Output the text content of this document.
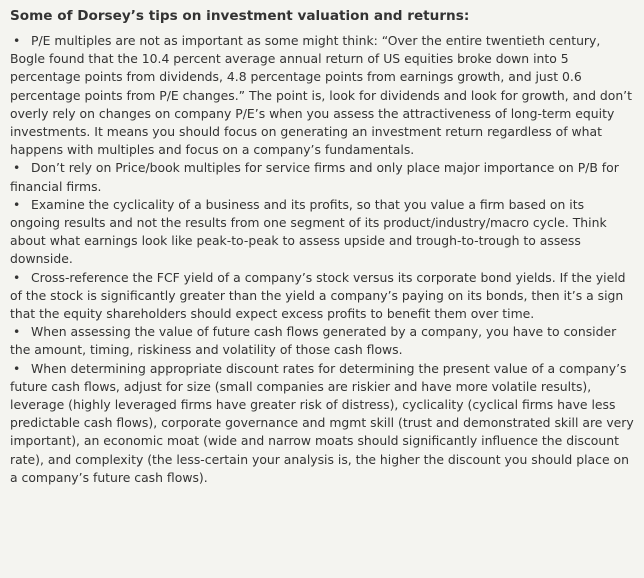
Some of Dorsey’s tips on investment valuation and returns:
• P/E multiples are not as important as some might think: “Over the entire twentieth century, Bogle found that the 10.4 percent average annual return of US equities broke down into 5 percentage points from dividends, 4.8 percentage points from earnings growth, and just 0.6 percentage points from P/E changes.” The point is, look for dividends and look for growth, and don’t overly rely on changes on company P/E’s when you assess the attractiveness of long-term equity investments. It means you should focus on generating an investment return regardless of what happens with multiples and focus on a company’s fundamentals.
• Don’t rely on Price/book multiples for service firms and only place major importance on P/B for financial firms.
• Examine the cyclicality of a business and its profits, so that you value a firm based on its ongoing results and not the results from one segment of its product/industry/macro cycle. Think about what earnings look like peak-to-peak to assess upside and trough-to-trough to assess downside.
• Cross-reference the FCF yield of a company’s stock versus its corporate bond yields. If the yield of the stock is significantly greater than the yield a company’s paying on its bonds, then it’s a sign that the equity shareholders should expect excess profits to benefit them over time.
• When assessing the value of future cash flows generated by a company, you have to consider the amount, timing, riskiness and volatility of those cash flows.
• When determining appropriate discount rates for determining the present value of a company’s future cash flows, adjust for size (small companies are riskier and have more volatile results), leverage (highly leveraged firms have greater risk of distress), cyclicality (cyclical firms have less predictable cash flows), corporate governance and mgmt skill (trust and demonstrated skill are very important), an economic moat (wide and narrow moats should significantly influence the discount rate), and complexity (the less-certain your analysis is, the higher the discount you should place on a company’s future cash flows).
